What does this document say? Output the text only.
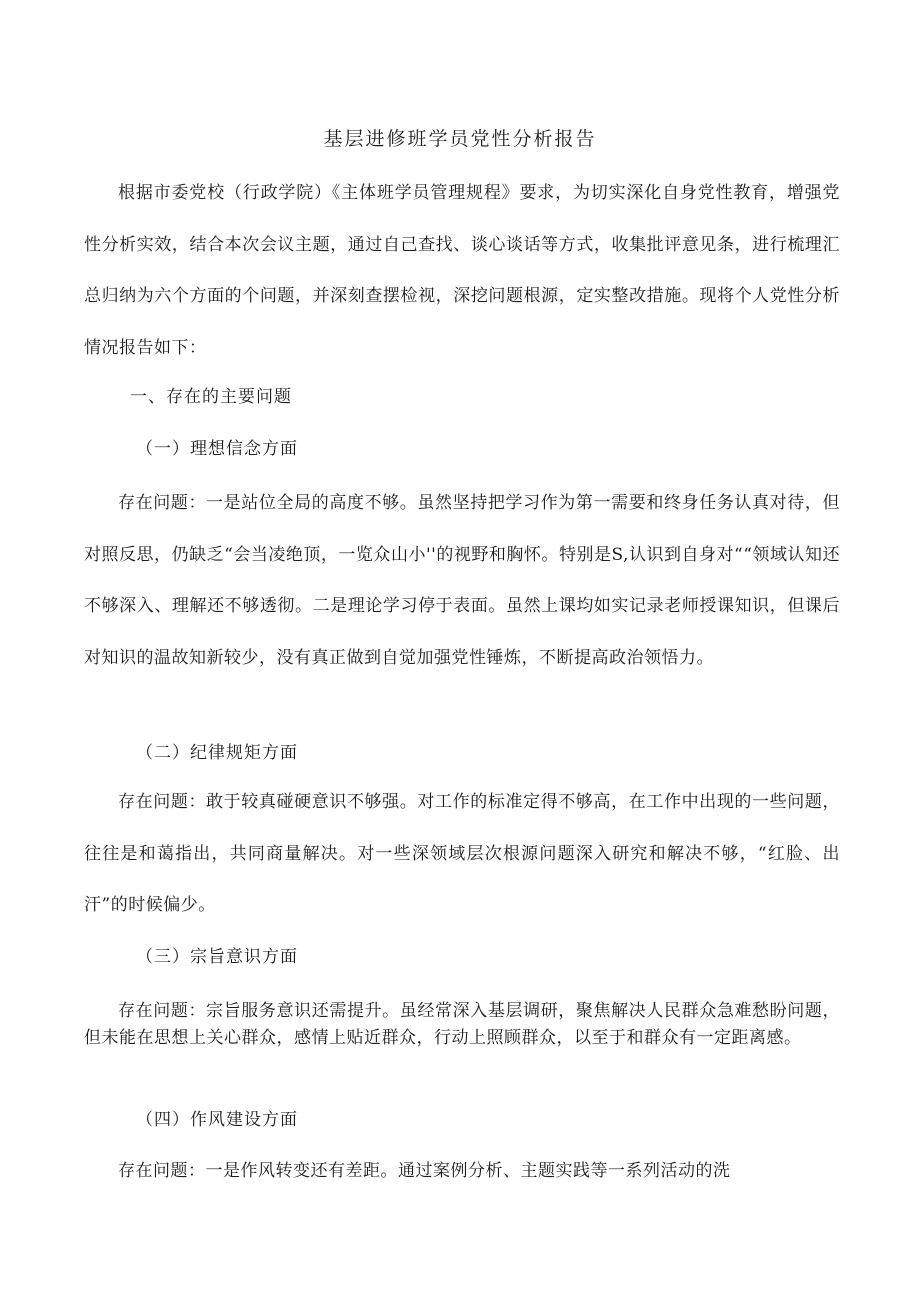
基层进修班学员党性分析报告

根据市委党校（行政学院）《主体班学员管理规程》要求，为切实深化自身党性教育，增强党性分析实效，结合本次会议主题，通过自己查找、谈心谈话等方式，收集批评意见条，进行梳理汇总归纳为六个方面的个问题，并深刻查摆检视，深挖问题根源，定实整改措施。现将个人党性分析情况报告如下：

一、存在的主要问题
（一）理想信念方面

存在问题：一是站位全局的高度不够。虽然坚持把学习作为第一需要和终身任务认真对待，但对照反思，仍缺乏“会当凌绝顶，一览众山小''的视野和胸怀。特别是S,认识到自身对““领域认知还不够深入、理解还不够透彻。二是理论学习停于表面。虽然上课均如实记录老师授课知识，但课后对知识的温故知新较少，没有真正做到自觉加强党性锤炼，不断提高政治领悟力。

（二）纪律规矩方面

存在问题：敢于较真碰硬意识不够强。对工作的标准定得不够高，在工作中出现的一些问题，往往是和蔼指出，共同商量解决。对一些深领域层次根源问题深入研究和解决不够，“红脸、出汗”的时候偏少。

（三）宗旨意识方面

存在问题：宗旨服务意识还需提升。虽经常深入基层调研，聚焦解决人民群众急难愁盼问题，但未能在思想上关心群众，感情上贴近群众，行动上照顾群众，以至于和群众有一定距离感。

（四）作风建设方面

存在问题：一是作风转变还有差距。通过案例分析、主题实践等一系列活动的洗
